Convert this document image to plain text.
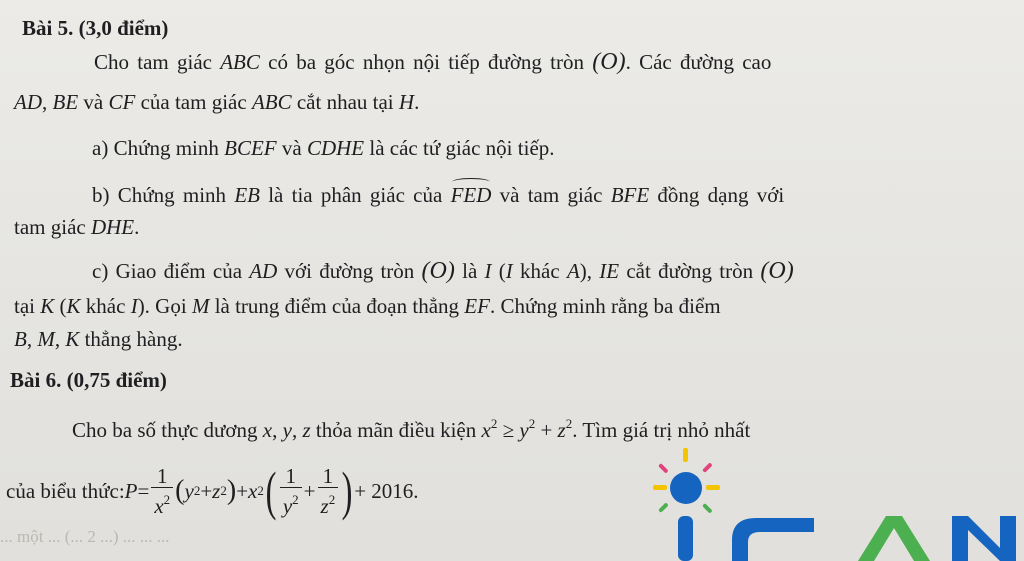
Bài 5. (3,0 điểm)
Cho tam giác ABC có ba góc nhọn nội tiếp đường tròn (O). Các đường cao
AD, BE và CF của tam giác ABC cắt nhau tại H.
a) Chứng minh BCEF và CDHE là các tứ giác nội tiếp.
b) Chứng minh EB là tia phân giác của FED và tam giác BFE đồng dạng với
tam giác DHE.
c) Giao điểm của AD với đường tròn (O) là I (I khác A), IE cắt đường tròn (O)
tại K (K khác I). Gọi M là trung điểm của đoạn thẳng EF. Chứng minh rằng ba điểm
B, M, K thẳng hàng.
Bài 6. (0,75 điểm)
Cho ba số thực dương x, y, z thỏa mãn điều kiện $x^2 \ge y^2 + z^2$. Tìm giá trị nhỏ nhất
của biểu thức: $P = \frac{1}{x^2}$ ( y 2 + z 2 ) + x 2 ( $\frac{1}{y^2} + \frac{1}{z^2}$ ) + 2016.
... một ... (... 2 ...) ... ... ...
